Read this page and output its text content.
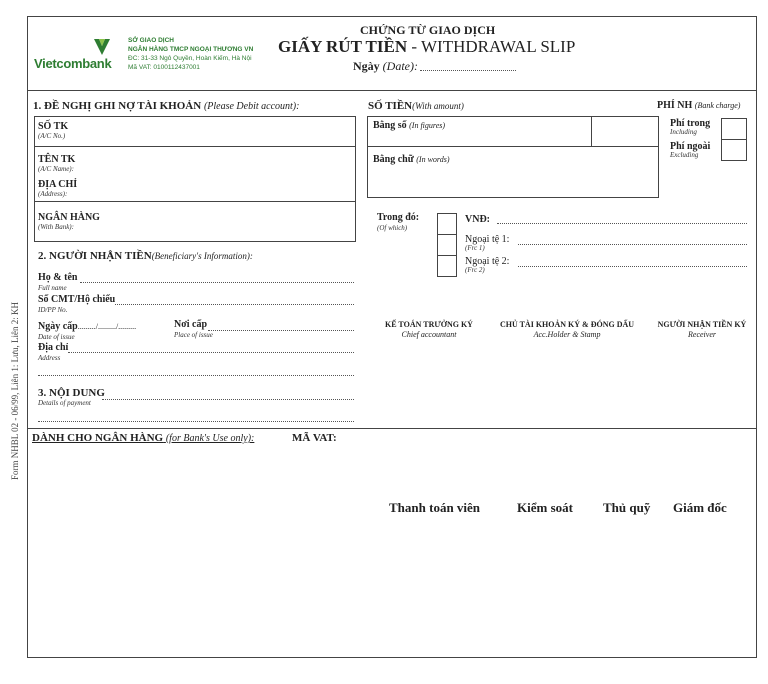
Form NHBL 02 - 06/99, Liên 1: Lưu, Liên 2: KH
Vietcombank
SỞ GIAO DỊCH
NGÂN HÀNG TMCP NGOẠI THƯƠNG VN
ĐC: 31-33 Ngô Quyền, Hoàn Kiếm, Hà Nội
Mã VAT: 0100112437001
CHỨNG TỪ GIAO DỊCH
GIẤY RÚT TIỀN - WITHDRAWAL SLIP
Ngày (Date):
1. ĐỀ NGHỊ GHI NỢ TÀI KHOẢN (Please Debit account):
SỐ TK
(A/C No.)
TÊN TK
(A/C Name):
ĐỊA CHỈ
(Address):
NGÂN HÀNG
(With Bank):
SỐ TIỀN(With amount)
Bằng số (In figures)
Bằng chữ (In words)
PHÍ NH (Bank charge)
Phí trong
Including
Phí ngoài
Excluding
Trong đó:
(Of which)
VNĐ:
Ngoại tệ 1:
(Frc 1)
Ngoại tệ 2:
(Frc 2)
2. NGƯỜI NHẬN TIỀN(Beneficiary's Information):
Họ & tên
Full name
Số CMT/Hộ chiếu
ID/PP No.
Ngày cấp........./........./.........
Date of issue
Nơi cấp
Place of issue
Địa chỉ
Address
3. NỘI DUNG
Details of payment
KẾ TOÁN TRƯỞNG KÝ
Chief accountant
CHỦ TÀI KHOẢN KÝ & ĐÓNG DẤU
Acc.Holder & Stamp
NGƯỜI NHẬN TIỀN KÝ
Receiver
DÀNH CHO NGÂN HÀNG (for Bank's Use only):	MÃ VAT:
Thanh toán viên	Kiểm soát Thủ quỹ Giám đốc
